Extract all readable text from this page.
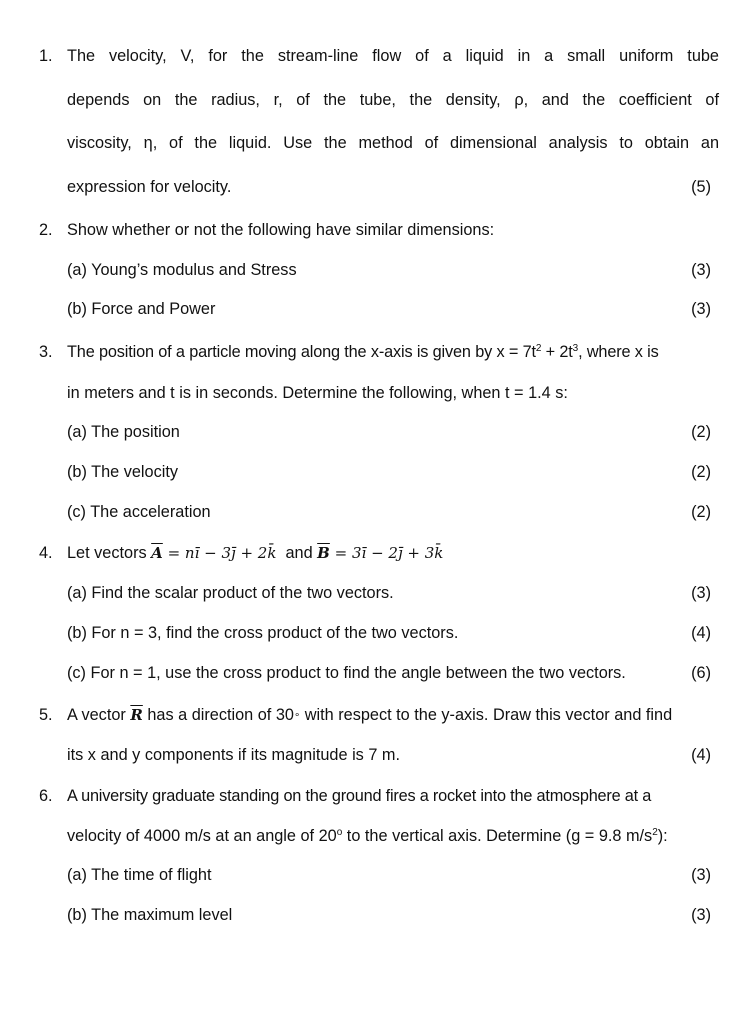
1. The velocity, V, for the stream-line flow of a liquid in a small uniform tube
depends on the radius, r, of the tube, the density, ρ, and the coefficient of
viscosity, η, of the liquid. Use the method of dimensional analysis to obtain an
expression for velocity.	(5)
2. Show whether or not the following have similar dimensions:
(a) Young’s modulus and Stress	(3)
(b) Force and Power	(3)
3. The position of a particle moving along the x-axis is given by $x = 7t^2 + 2t^3$, where x is
in meters and t is in seconds. Determine the following, when t = 1.4 s:
(a) The position	(2)
(b) The velocity	(2)
(c) The acceleration	(2)
4. Let vectors $\overline{A}$ = nī − 3j̄ + 2k̄  and $\overline{B}$ = 3ī − 2j̄ + 3k̄
(a) Find the scalar product of the two vectors.	(3)
(b) For n = 3, find the cross product of the two vectors.	(4)
(c) For n = 1, use the cross product to find the angle between the two vectors.	(6)
5. A vector $\overline{R}$ has a direction of 30∘ with respect to the y-axis. Draw this vector and find
its x and y components if its magnitude is 7 m.	(4)
6. A university graduate standing on the ground fires a rocket into the atmosphere at a
velocity of 4000 m/s at an angle of 20$^o$ to the vertical axis. Determine (g = 9.8 $m/s^2$):
(a) The time of flight	(3)
(b) The maximum level	(3)
